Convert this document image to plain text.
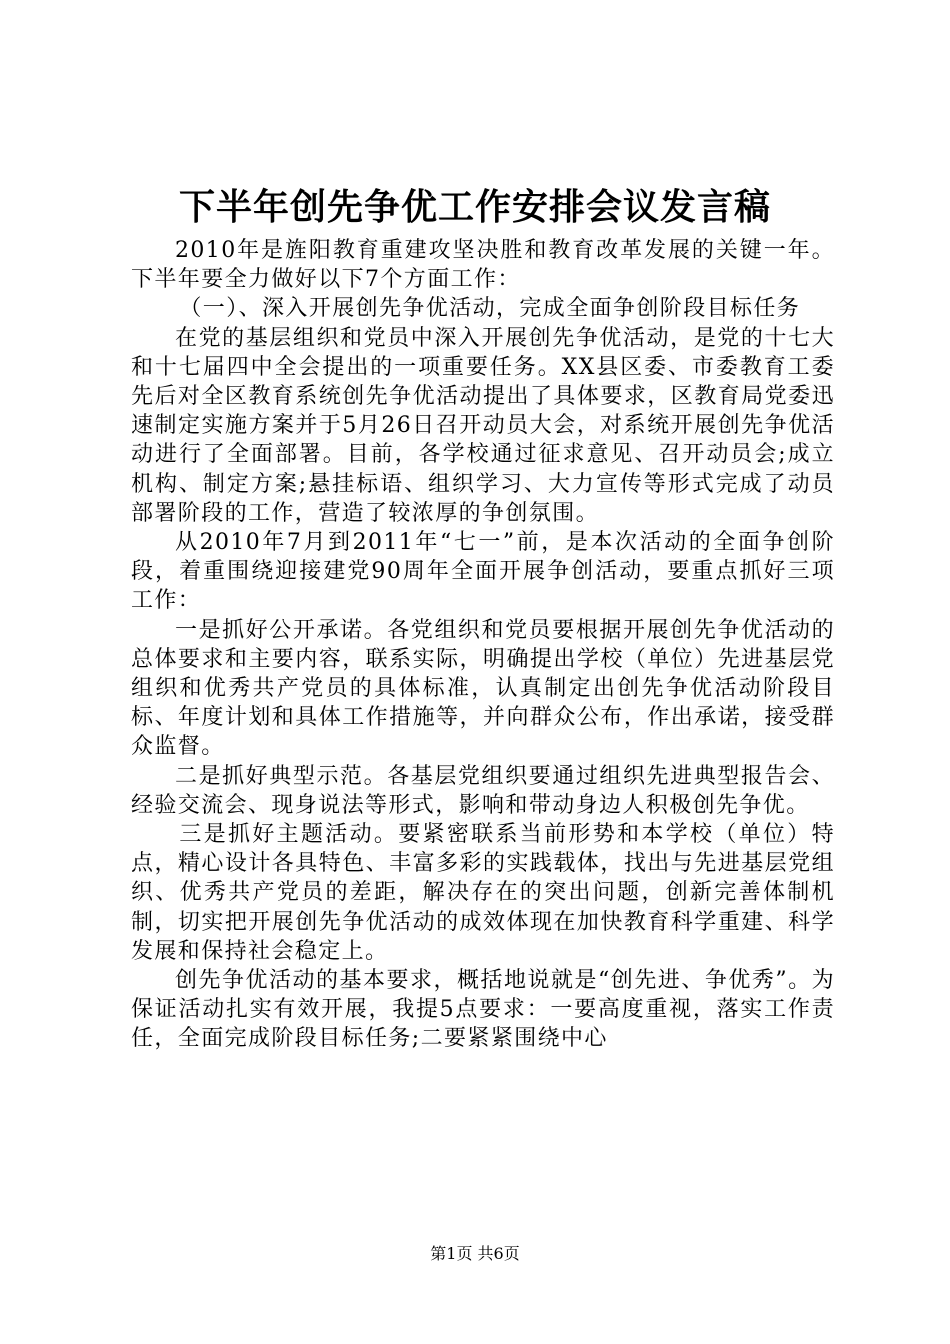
下半年创先争优工作安排会议发言稿

2010年是旌阳教育重建攻坚决胜和教育改革发展的关键一年。下半年要全力做好以下7个方面工作：

（一）、深入开展创先争优活动，完成全面争创阶段目标任务

在党的基层组织和党员中深入开展创先争优活动，是党的十七大和十七届四中全会提出的一项重要任务。XX县区委、市委教育工委先后对全区教育系统创先争优活动提出了具体要求，区教育局党委迅速制定实施方案并于5月26日召开动员大会，对系统开展创先争优活动进行了全面部署。目前，各学校通过征求意见、召开动员会;成立机构、制定方案;悬挂标语、组织学习、大力宣传等形式完成了动员部署阶段的工作，营造了较浓厚的争创氛围。

从2010年7月到2011年“七一”前，是本次活动的全面争创阶段，着重围绕迎接建党90周年全面开展争创活动，要重点抓好三项工作：

一是抓好公开承诺。各党组织和党员要根据开展创先争优活动的总体要求和主要内容，联系实际，明确提出学校（单位）先进基层党组织和优秀共产党员的具体标准，认真制定出创先争优活动阶段目标、年度计划和具体工作措施等，并向群众公布，作出承诺，接受群众监督。

二是抓好典型示范。各基层党组织要通过组织先进典型报告会、经验交流会、现身说法等形式，影响和带动身边人积极创先争优。

三是抓好主题活动。要紧密联系当前形势和本学校（单位）特点，精心设计各具特色、丰富多彩的实践载体，找出与先进基层党组织、优秀共产党员的差距，解决存在的突出问题，创新完善体制机制，切实把开展创先争优活动的成效体现在加快教育科学重建、科学发展和保持社会稳定上。

创先争优活动的基本要求，概括地说就是“创先进、争优秀”。为保证活动扎实有效开展，我提5点要求：一要高度重视，落实工作责任，全面完成阶段目标任务;二要紧紧围绕中心

第1页 共6页
